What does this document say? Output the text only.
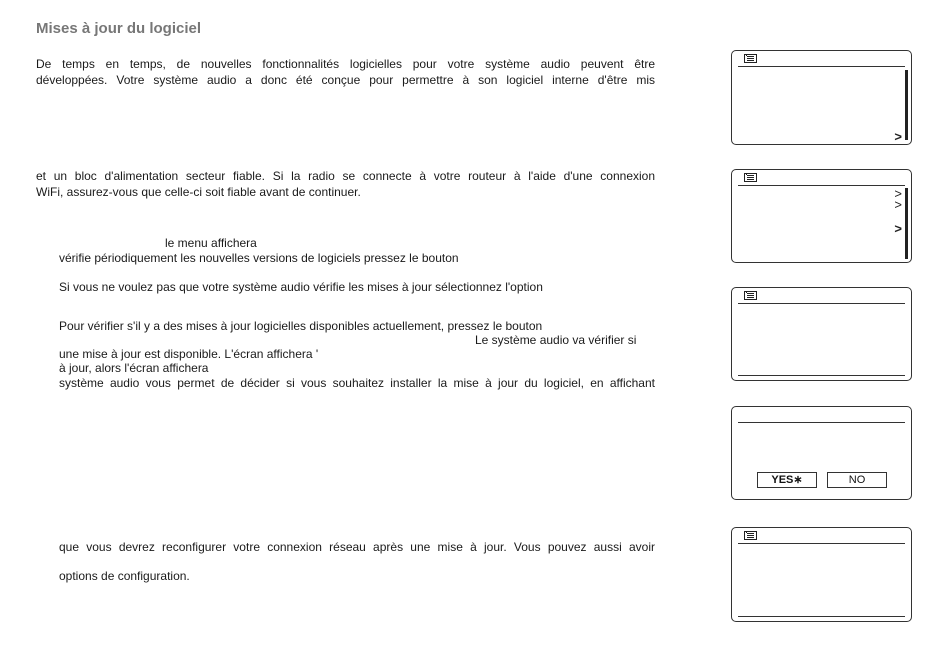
Mises à jour du logiciel

De temps en temps, de nouvelles fonctionnalités logicielles pour votre système audio peuvent être

développées. Votre système audio a donc été conçue pour permettre à son logiciel interne d'être mis

et un bloc d'alimentation secteur fiable. Si la radio se connecte à votre routeur à l'aide d'une connexion

WiFi, assurez-vous que celle-ci soit fiable avant de continuer.

le menu affichera

vérifie périodiquement les nouvelles versions de logiciels pressez le bouton

Si vous ne voulez pas que votre système audio vérifie les mises à jour sélectionnez l'option

Pour vérifier s'il y a des mises à jour logicielles disponibles actuellement, pressez le bouton

Le système audio va vérifier si

une mise à jour est disponible. L'écran affichera '

à jour, alors l'écran affichera

système audio vous permet de décider si vous souhaitez installer la mise à jour du logiciel, en affichant

que vous devrez reconfigurer votre connexion réseau après une mise à jour. Vous pouvez aussi avoir

options de configuration.

>
>
>
>
YES∗	NO
